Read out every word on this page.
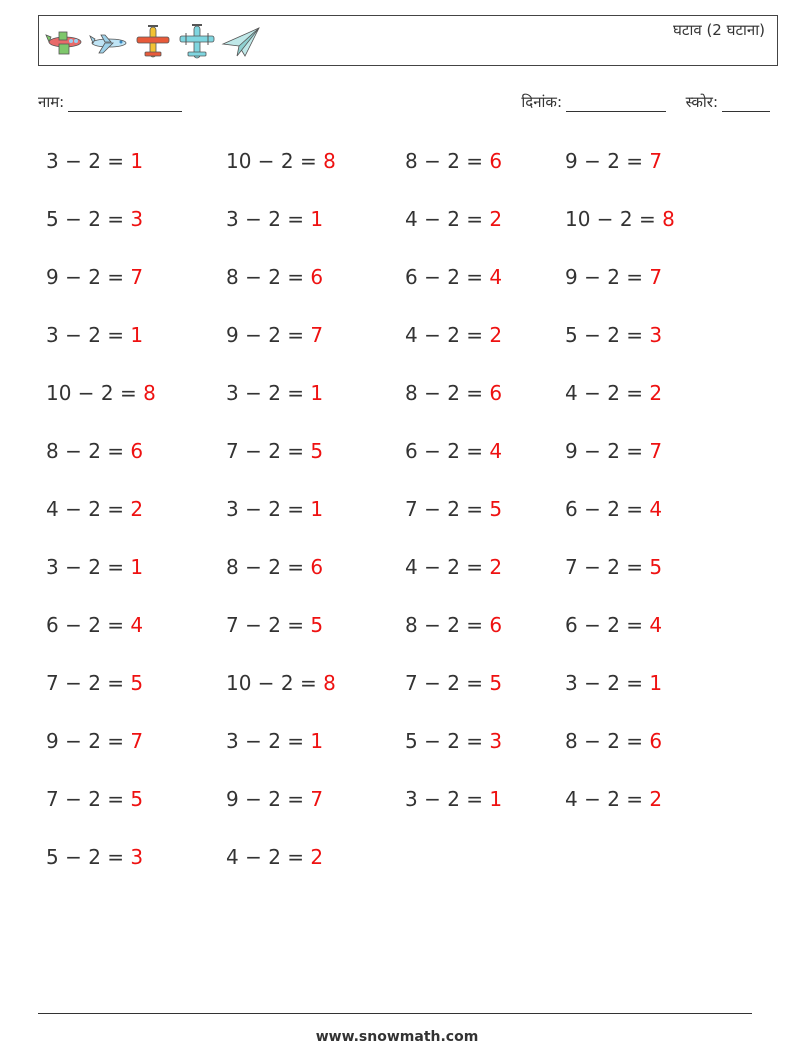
घटाव (2 घटाना)
नाम:	दिनांक:	स्कोर:
3 − 2 = 1	10 − 2 = 8	8 − 2 = 6	9 − 2 = 7
5 − 2 = 3	3 − 2 = 1	4 − 2 = 2	10 − 2 = 8
9 − 2 = 7	8 − 2 = 6	6 − 2 = 4	9 − 2 = 7
3 − 2 = 1	9 − 2 = 7	4 − 2 = 2	5 − 2 = 3
10 − 2 = 8	3 − 2 = 1	8 − 2 = 6	4 − 2 = 2
8 − 2 = 6	7 − 2 = 5	6 − 2 = 4	9 − 2 = 7
4 − 2 = 2	3 − 2 = 1	7 − 2 = 5	6 − 2 = 4
3 − 2 = 1	8 − 2 = 6	4 − 2 = 2	7 − 2 = 5
6 − 2 = 4	7 − 2 = 5	8 − 2 = 6	6 − 2 = 4
7 − 2 = 5	10 − 2 = 8	7 − 2 = 5	3 − 2 = 1
9 − 2 = 7	3 − 2 = 1	5 − 2 = 3	8 − 2 = 6
7 − 2 = 5	9 − 2 = 7	3 − 2 = 1	4 − 2 = 2
5 − 2 = 3	4 − 2 = 2
www.snowmath.com
